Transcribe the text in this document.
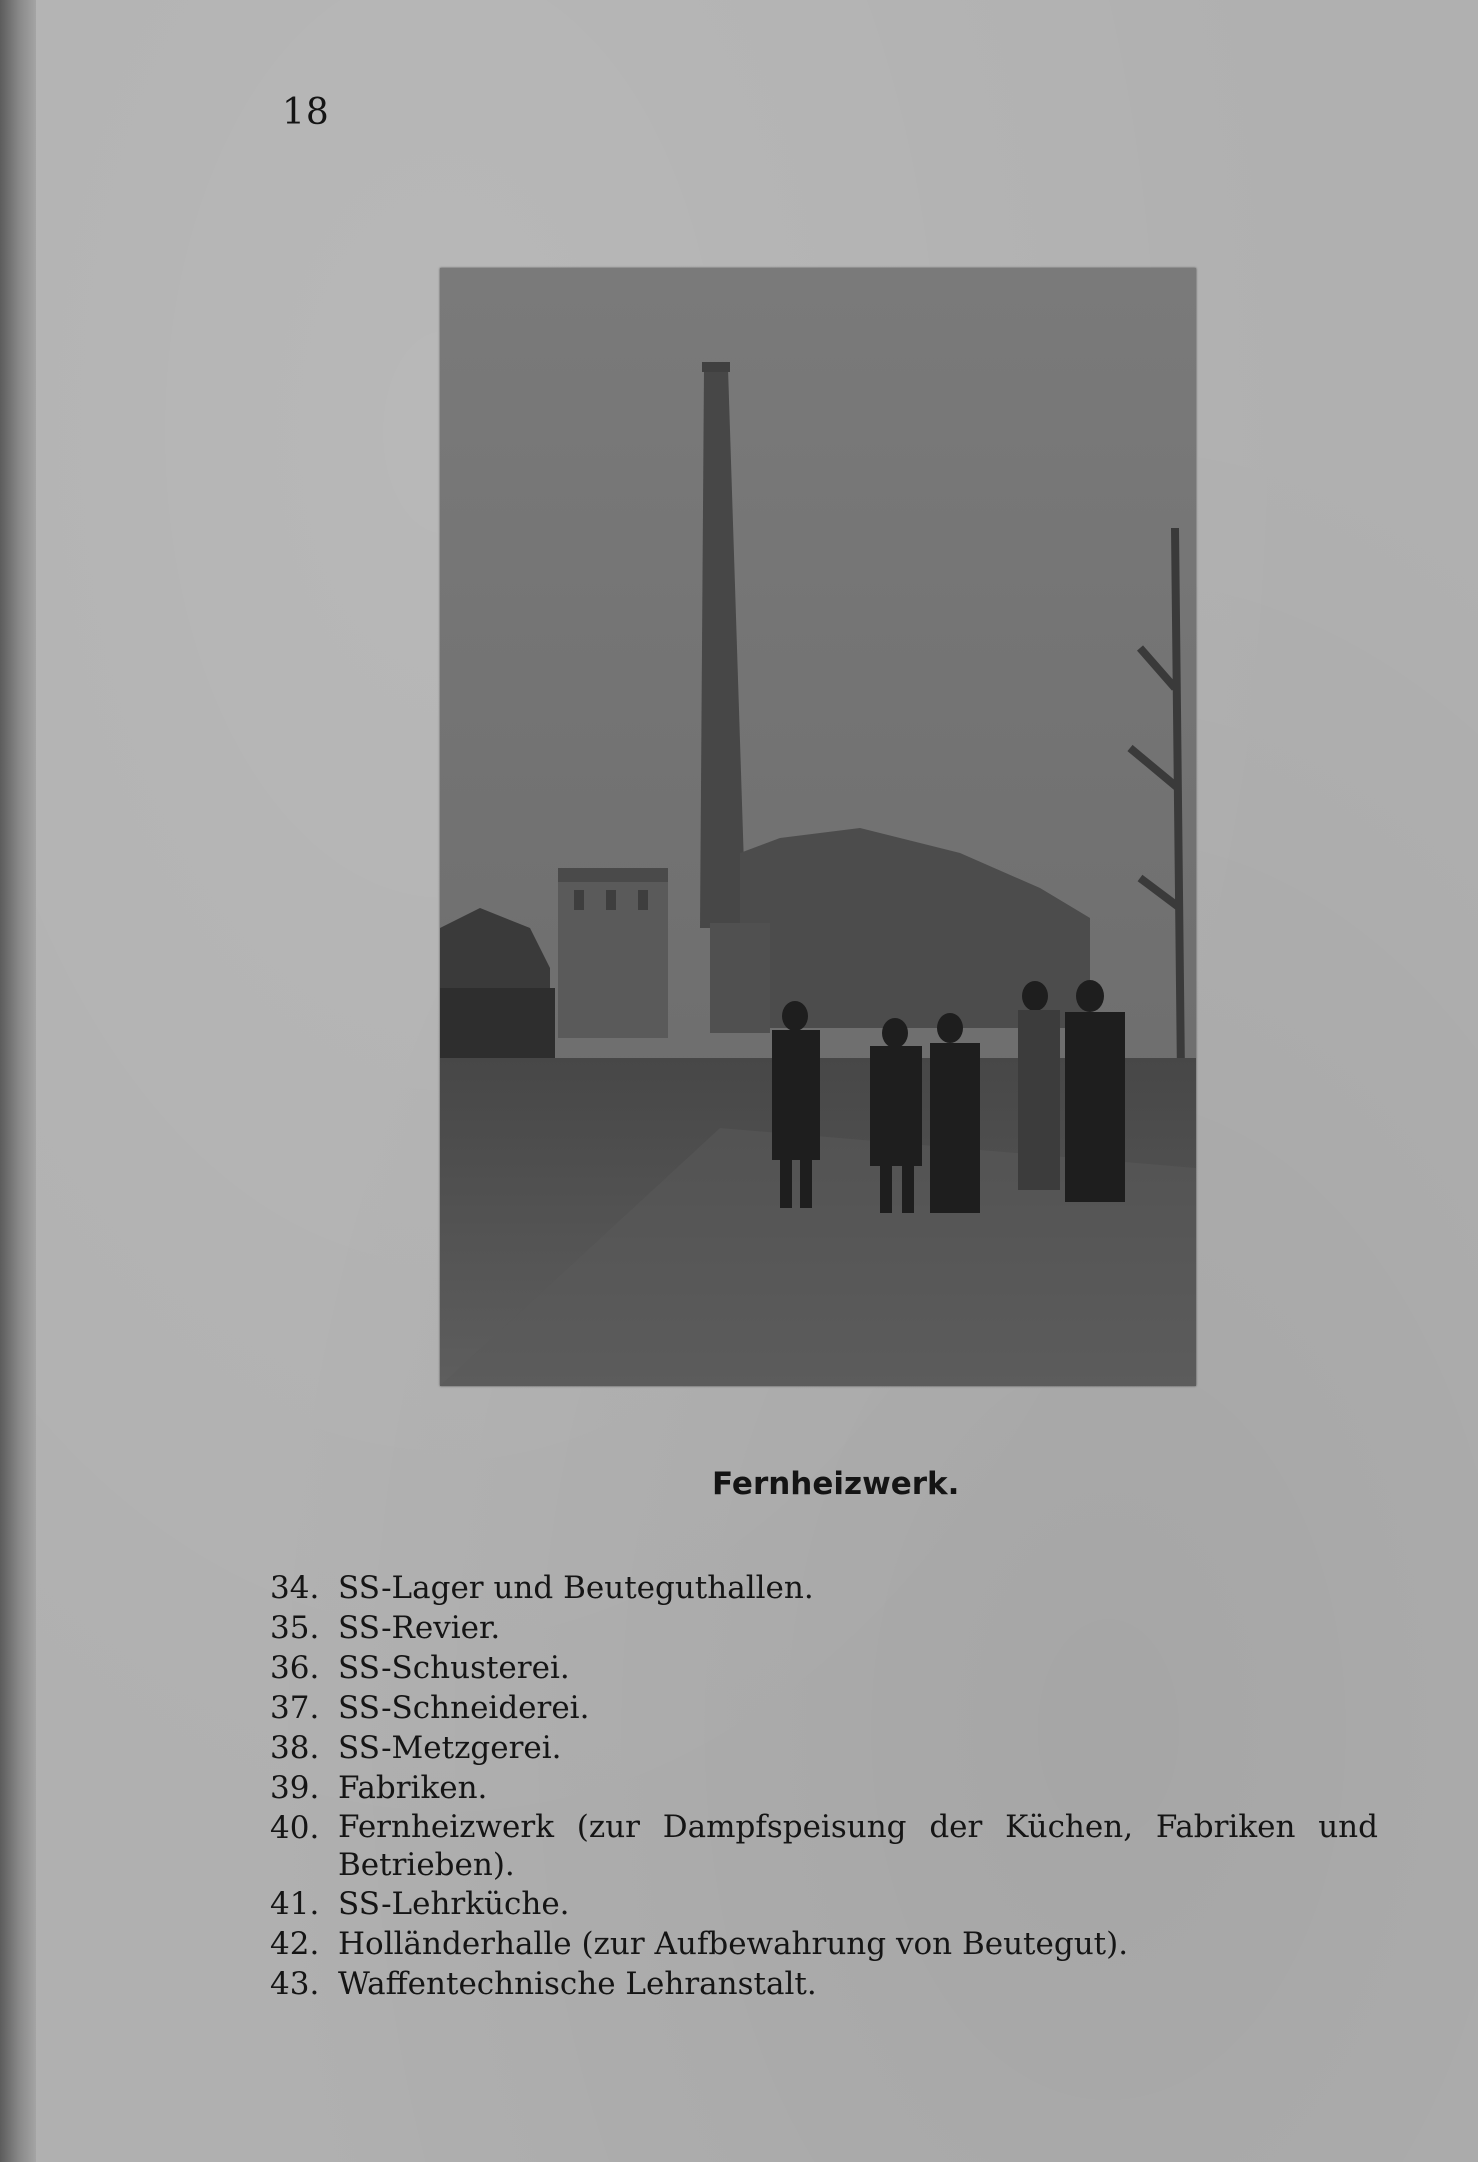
18
Fernheizwerk.
34. SS-Lager und Beuteguthallen.
35. SS-Revier.
36. SS-Schusterei.
37. SS-Schneiderei.
38. SS-Metzgerei.
39. Fabriken.
40. Fernheizwerk (zur Dampfspeisung der Küchen, Fabriken und Betrieben).
41. SS-Lehrküche.
42. Holländerhalle (zur Aufbewahrung von Beutegut).
43. Waffentechnische Lehranstalt.
